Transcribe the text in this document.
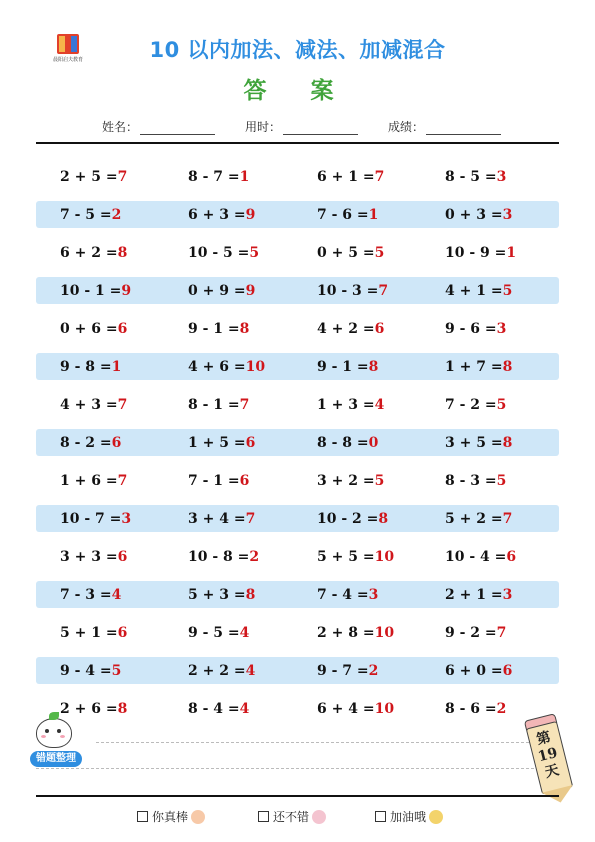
晨阳启夫教育	10 以内加法、减法、加减混合
答 案
姓名：	用时：	成绩：
2 + 5 =7	8 - 7 =1	6 + 1 =7	8 - 5 =3
7 - 5 =2	6 + 3 =9	7 - 6 =1	0 + 3 =3
6 + 2 =8	10 - 5 =5	0 + 5 =5	10 - 9 =1
10 - 1 =9	0 + 9 =9	10 - 3 =7	4 + 1 =5
0 + 6 =6	9 - 1 =8	4 + 2 =6	9 - 6 =3
9 - 8 =1	4 + 6 =10	9 - 1 =8	1 + 7 =8
4 + 3 =7	8 - 1 =7	1 + 3 =4	7 - 2 =5
8 - 2 =6	1 + 5 =6	8 - 8 =0	3 + 5 =8
1 + 6 =7	7 - 1 =6	3 + 2 =5	8 - 3 =5
10 - 7 =3	3 + 4 =7	10 - 2 =8	5 + 2 =7
3 + 3 =6	10 - 8 =2	5 + 5 =10	10 - 4 =6
7 - 3 =4	5 + 3 =8	7 - 4 =3	2 + 1 =3
5 + 1 =6	9 - 5 =4	2 + 8 =10	9 - 2 =7
9 - 4 =5	2 + 2 =4	9 - 7 =2	6 + 0 =6
2 + 6 =8	8 - 4 =4	6 + 4 =10	8 - 6 =2
错题整理
第19天
你真棒	还不错	加油哦
